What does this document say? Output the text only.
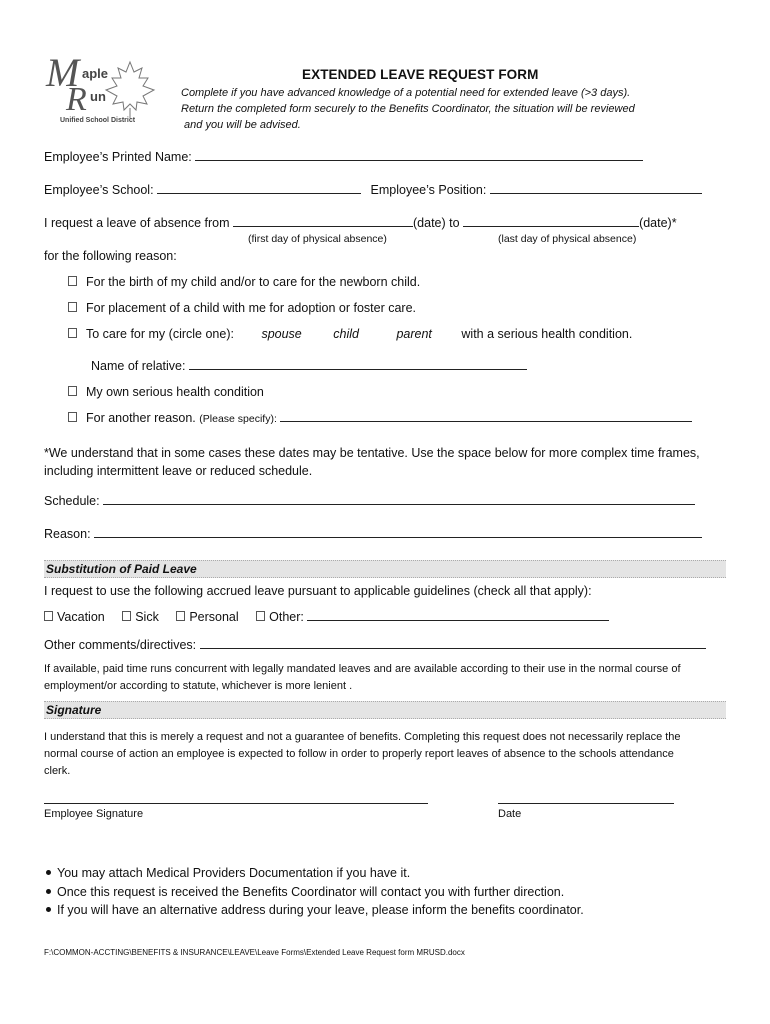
M
R
aple
un
Unified School District
EXTENDED LEAVE REQUEST FORM
Complete if you have advanced knowledge of a potential need for extended leave (>3 days).
Return the completed form securely to the Benefits Coordinator, the situation will be reviewed
and you will be advised.
Employee’s Printed Name:
Employee’s School:	Employee’s Position:
I request a leave of absence from	(date) to	(date)*
(first day of physical absence)	(last day of physical absence)
for the following reason:
For the birth of my child and/or to care for the newborn child.
For placement of a child with me for adoption or foster care.
To care for my (circle one): spouse	child	parent with a serious health condition.
Name of relative:
My own serious health condition
For another reason. (Please specify):
*We understand that in some cases these dates may be tentative. Use the space below for more complex time frames,
including intermittent leave or reduced schedule.
Schedule:
Reason:
Substitution of Paid Leave
I request to use the following accrued leave pursuant to applicable guidelines (check all that apply):
Vacation Sick Personal Other:
Other comments/directives:
If available, paid time runs concurrent with legally mandated leaves and are available according to their use in the normal course of
employment/or according to statute, whichever is more lenient .
Signature
I understand that this is merely a request and not a guarantee of benefits. Completing this request does not necessarily replace the
normal course of action an employee is expected to follow in order to properly report leaves of absence to the schools attendance
clerk.
Employee Signature	Date
You may attach Medical Providers Documentation if you have it.
Once this request is received the Benefits Coordinator will contact you with further direction.
If you will have an alternative address during your leave, please inform the benefits coordinator.
F:\COMMON-ACCTING\BENEFITS & INSURANCE\LEAVE\Leave Forms\Extended Leave Request form MRUSD.docx
